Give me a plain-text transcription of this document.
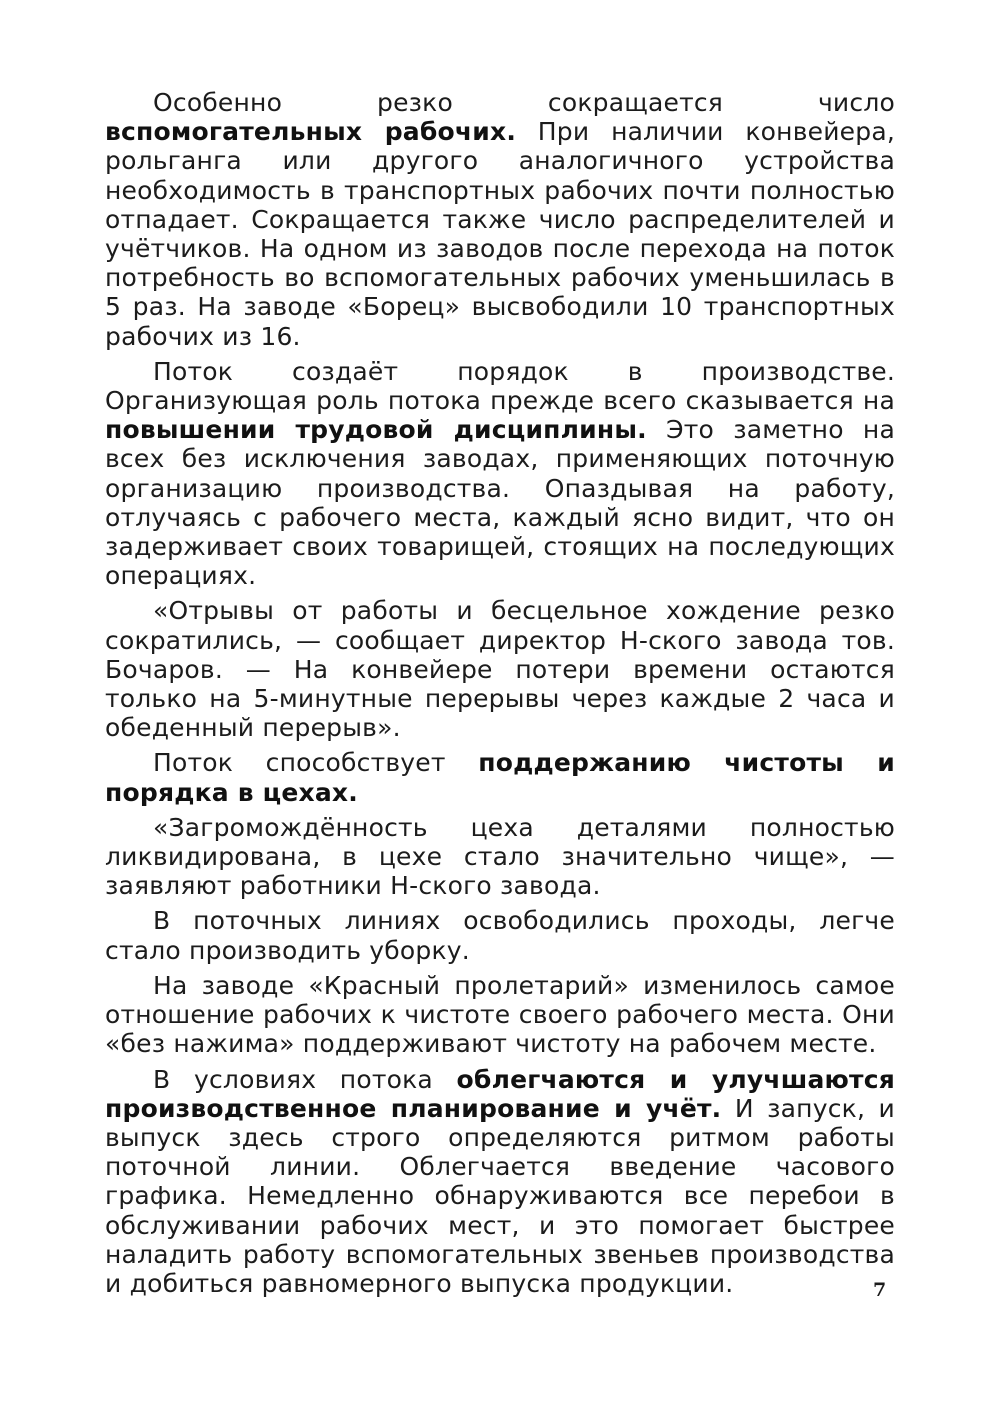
Особенно резко сокращается число вспомогательных рабочих. При наличии конвейера, рольганга или другого аналогичного устройства необходимость в транспортных рабочих почти полностью отпадает. Сокращается также число распределителей и учётчиков. На одном из заводов после перехода на поток потребность во вспомогательных рабочих уменьшилась в 5 раз. На заводе «Борец» высвободили 10 транспортных рабочих из 16.

Поток создаёт порядок в производстве. Организующая роль потока прежде всего сказывается на повышении трудовой дисциплины. Это заметно на всех без исключения заводах, применяющих поточную организацию производства. Опаздывая на работу, отлучаясь с рабочего места, каждый ясно видит, что он задерживает своих товарищей, стоящих на последующих операциях.

«Отрывы от работы и бесцельное хождение резко сократились, — сообщает директор Н-ского завода тов. Бочаров. — На конвейере потери времени остаются только на 5-минутные перерывы через каждые 2 часа и обеденный перерыв».

Поток способствует поддержанию чистоты и порядка в цехах.

«Загромождённость цеха деталями полностью ликвидирована, в цехе стало значительно чище», — заявляют работники Н-ского завода.

В поточных линиях освободились проходы, легче стало производить уборку.

На заводе «Красный пролетарий» изменилось самое отношение рабочих к чистоте своего рабочего места. Они «без нажима» поддерживают чистоту на рабочем месте.

В условиях потока облегчаются и улучшаются производственное планирование и учёт. И запуск, и выпуск здесь строго определяются ритмом работы поточной линии. Облегчается введение часового графика. Немедленно обнаруживаются все перебои в обслуживании рабочих мест, и это помогает быстрее наладить работу вспомогательных звеньев производства и добиться равномерного выпуска продукции.	7
